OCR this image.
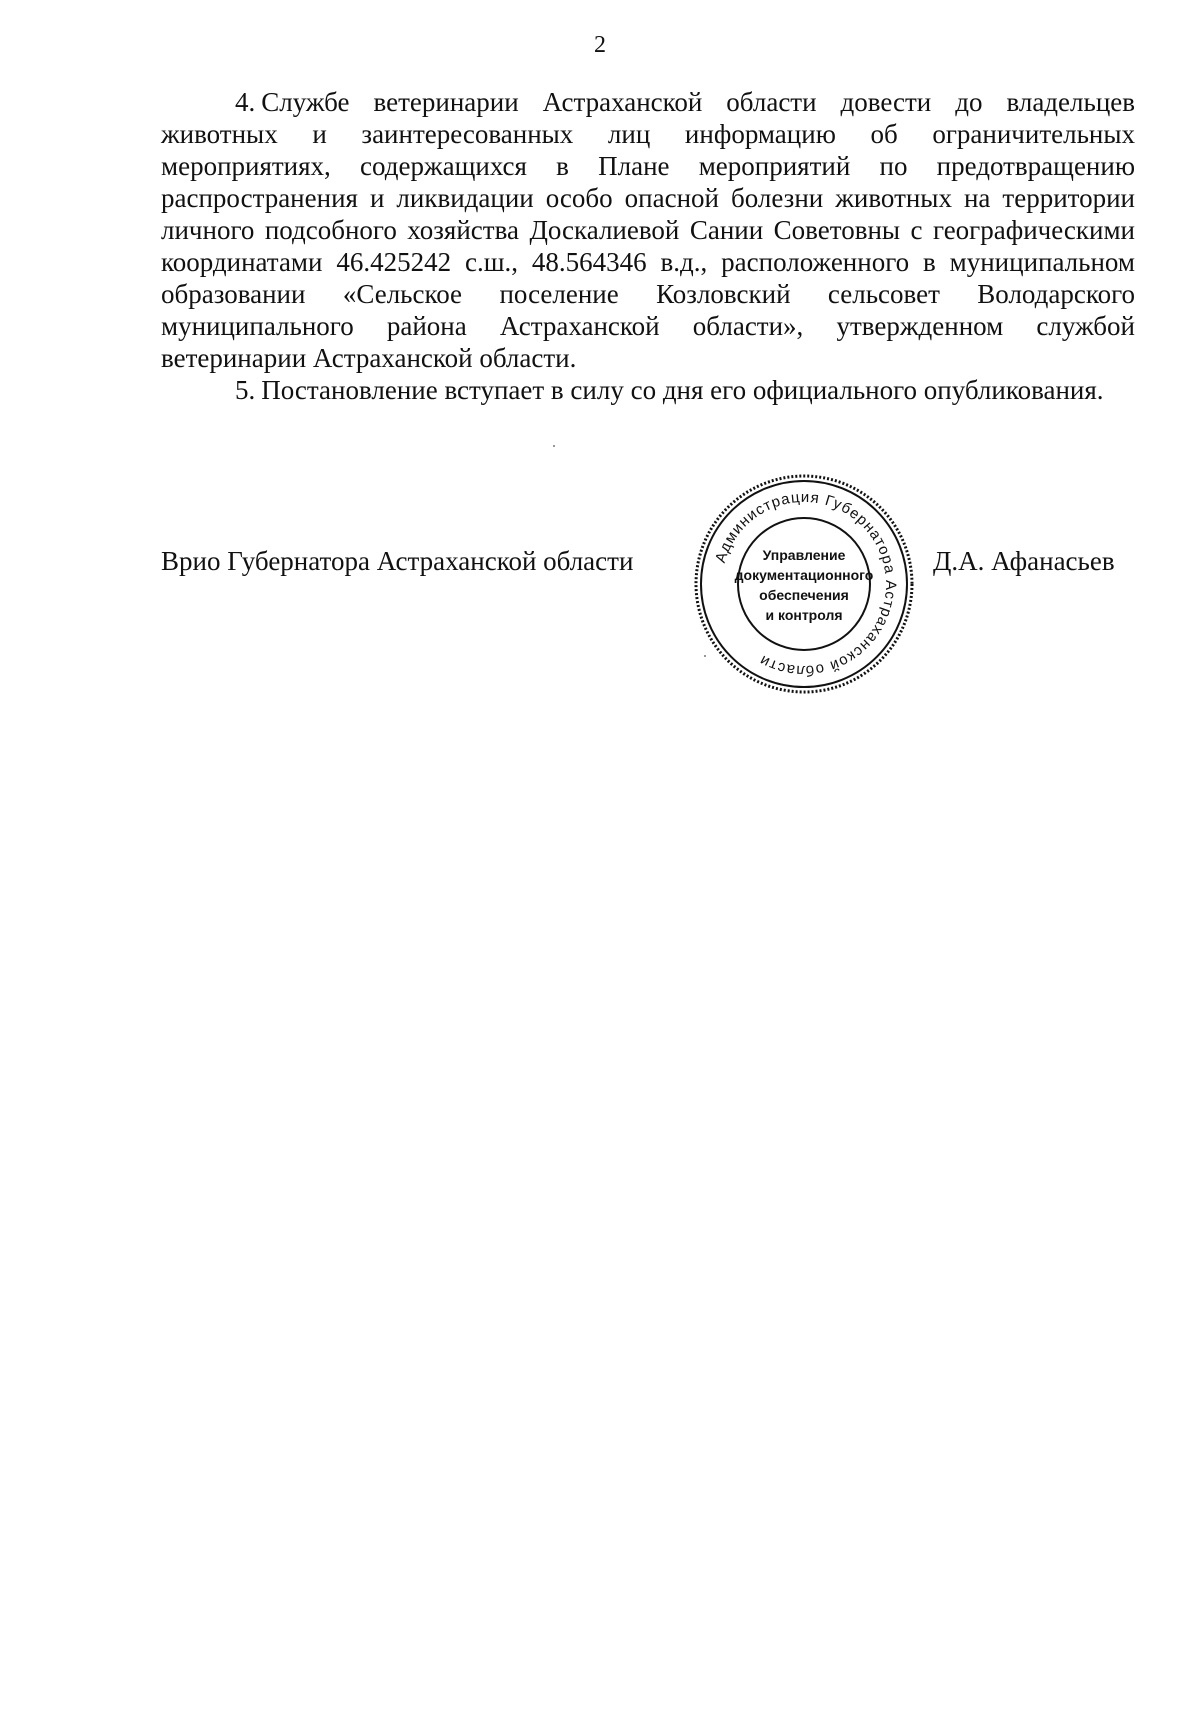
2

4. Службе ветеринарии Астраханской области довести до владельцев животных и заинтересованных лиц информацию об ограничительных мероприятиях, содержащихся в Плане мероприятий по предотвращению распространения и ликвидации особо опасной болезни животных на территории личного подсобного хозяйства Доскалиевой Сании Советовны с географическими координатами 46.425242 с.ш., 48.564346 в.д., расположенного в муниципальном образовании «Сельское поселение Козловский сельсовет Володарского муниципального района Астраханской области», утвержденном службой ветеринарии Астраханской области.

5. Постановление вступает в силу со дня его официального опубликования.

Врио Губернатора Астраханской области	Администрация Губернатора Астраханской области
Управление
документационного
обеспечения
и контроля
Д.А. Афанасьев
